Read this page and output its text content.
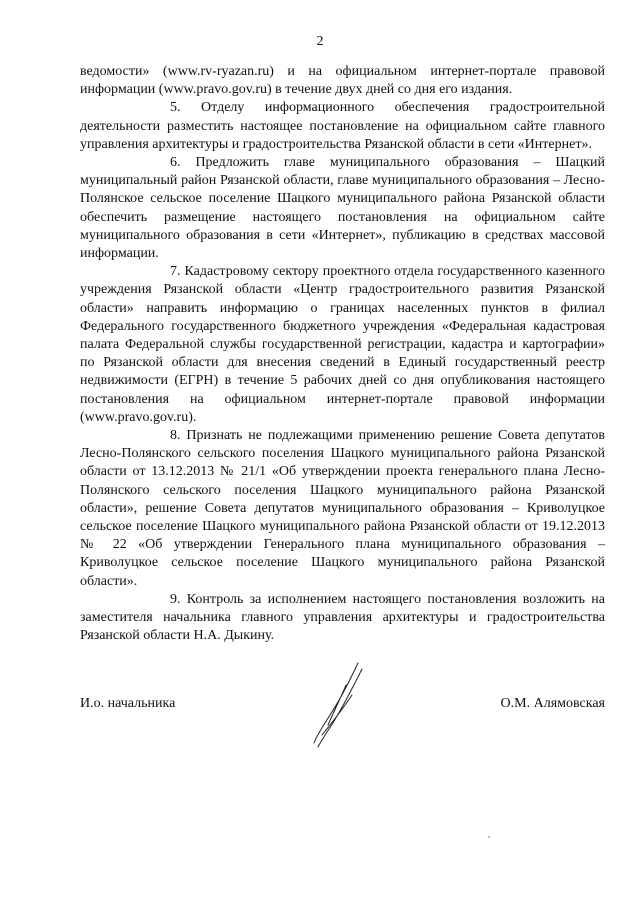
2

ведомости» (www.rv-ryazan.ru) и на официальном интернет-портале правовой информации (www.pravo.gov.ru) в течение двух дней со дня его издания.

5. Отделу информационного обеспечения градостроительной деятельности разместить настоящее постановление на официальном сайте главного управления архитектуры и градостроительства Рязанской области в сети «Интернет».

6. Предложить главе муниципального образования – Шацкий муниципальный район Рязанской области, главе муниципального образования – Лесно-Полянское сельское поселение Шацкого муниципального района Рязанской области обеспечить размещение настоящего постановления на официальном сайте муниципального образования в сети «Интернет», публикацию в средствах массовой информации.

7. Кадастровому сектору проектного отдела государственного казенного учреждения Рязанской области «Центр градостроительного развития Рязанской области» направить информацию о границах населенных пунктов в филиал Федерального государственного бюджетного учреждения «Федеральная кадастровая палата Федеральной службы государственной регистрации, кадастра и картографии» по Рязанской области для внесения сведений в Единый государственный реестр недвижимости (ЕГРН) в течение 5 рабочих дней со дня опубликования настоящего постановления на официальном интернет-портале правовой информации (www.pravo.gov.ru).

8. Признать не подлежащими применению решение Совета депутатов Лесно-Полянского сельского поселения Шацкого муниципального района Рязанской области от 13.12.2013 № 21/1 «Об утверждении проекта генерального плана Лесно-Полянского сельского поселения Шацкого муниципального района Рязанской области», решение Совета депутатов муниципального образования – Криволуцкое сельское поселение Шацкого муниципального района Рязанской области от 19.12.2013 № 22 «Об утверждении Генерального плана муниципального образования – Криволуцкое сельское поселение Шацкого муниципального района Рязанской области».

9. Контроль за исполнением настоящего постановления возложить на заместителя начальника главного управления архитектуры и градостроительства Рязанской области Н.А. Дыкину.

И.о. начальника	О.М. Алямовская
